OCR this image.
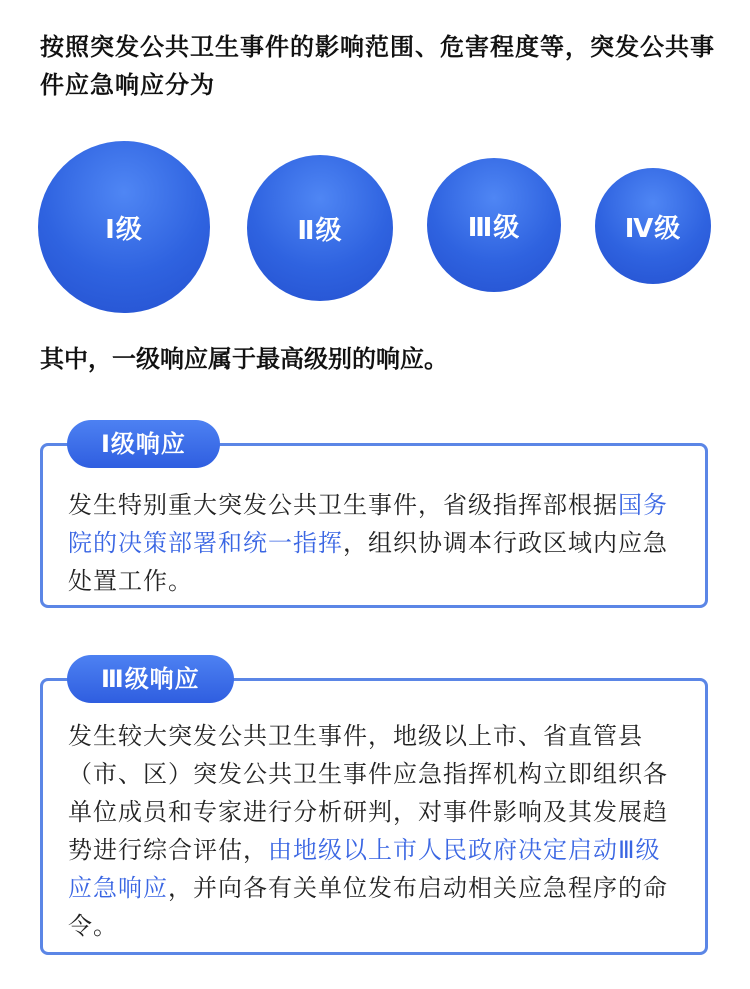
按照突发公共卫生事件的影响范围、危害程度等，突发公共事件应急响应分为
Ⅰ级	Ⅱ级	Ⅲ级	Ⅳ级
其中，一级响应属于最高级别的响应。
Ⅰ级响应
发生特别重大突发公共卫生事件，省级指挥部根据国务院的决策部署和统一指挥，组织协调本行政区域内应急处置工作。
Ⅲ级响应
发生较大突发公共卫生事件，地级以上市、省直管县（市、区）突发公共卫生事件应急指挥机构立即组织各单位成员和专家进行分析研判，对事件影响及其发展趋势进行综合评估，由地级以上市人民政府决定启动Ⅲ级应急响应，并向各有关单位发布启动相关应急程序的命令。
